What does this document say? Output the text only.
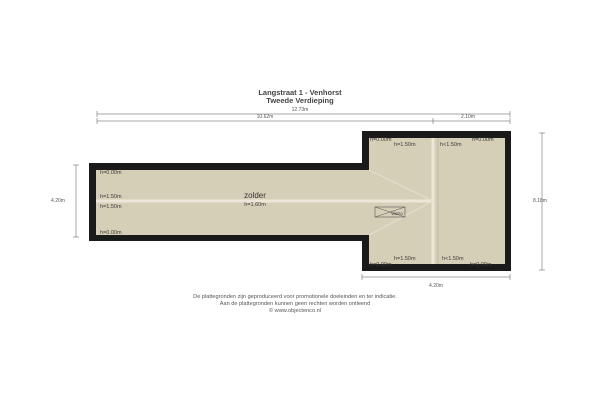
Langstraat 1 - Venhorst
Tweede Verdieping
12.73m
10.62m	2.10m
4.20m	8.18m
4.20m
vliezo
zolder
h=1.60m
h=0.00m
h=1.50m
h=1.50m
h=0.00m
h=0.00m	h=0.00m
h=1.50m	h<1.50m
h=1.50m	h<1.50m
h=0.00m	h=0.00m
De plattegronden zijn geproduceerd voor promotionele doeleinden en ter indicatie.
Aan de plattegronden kunnen geen rechten worden ontleend
© www.objectenco.nl
